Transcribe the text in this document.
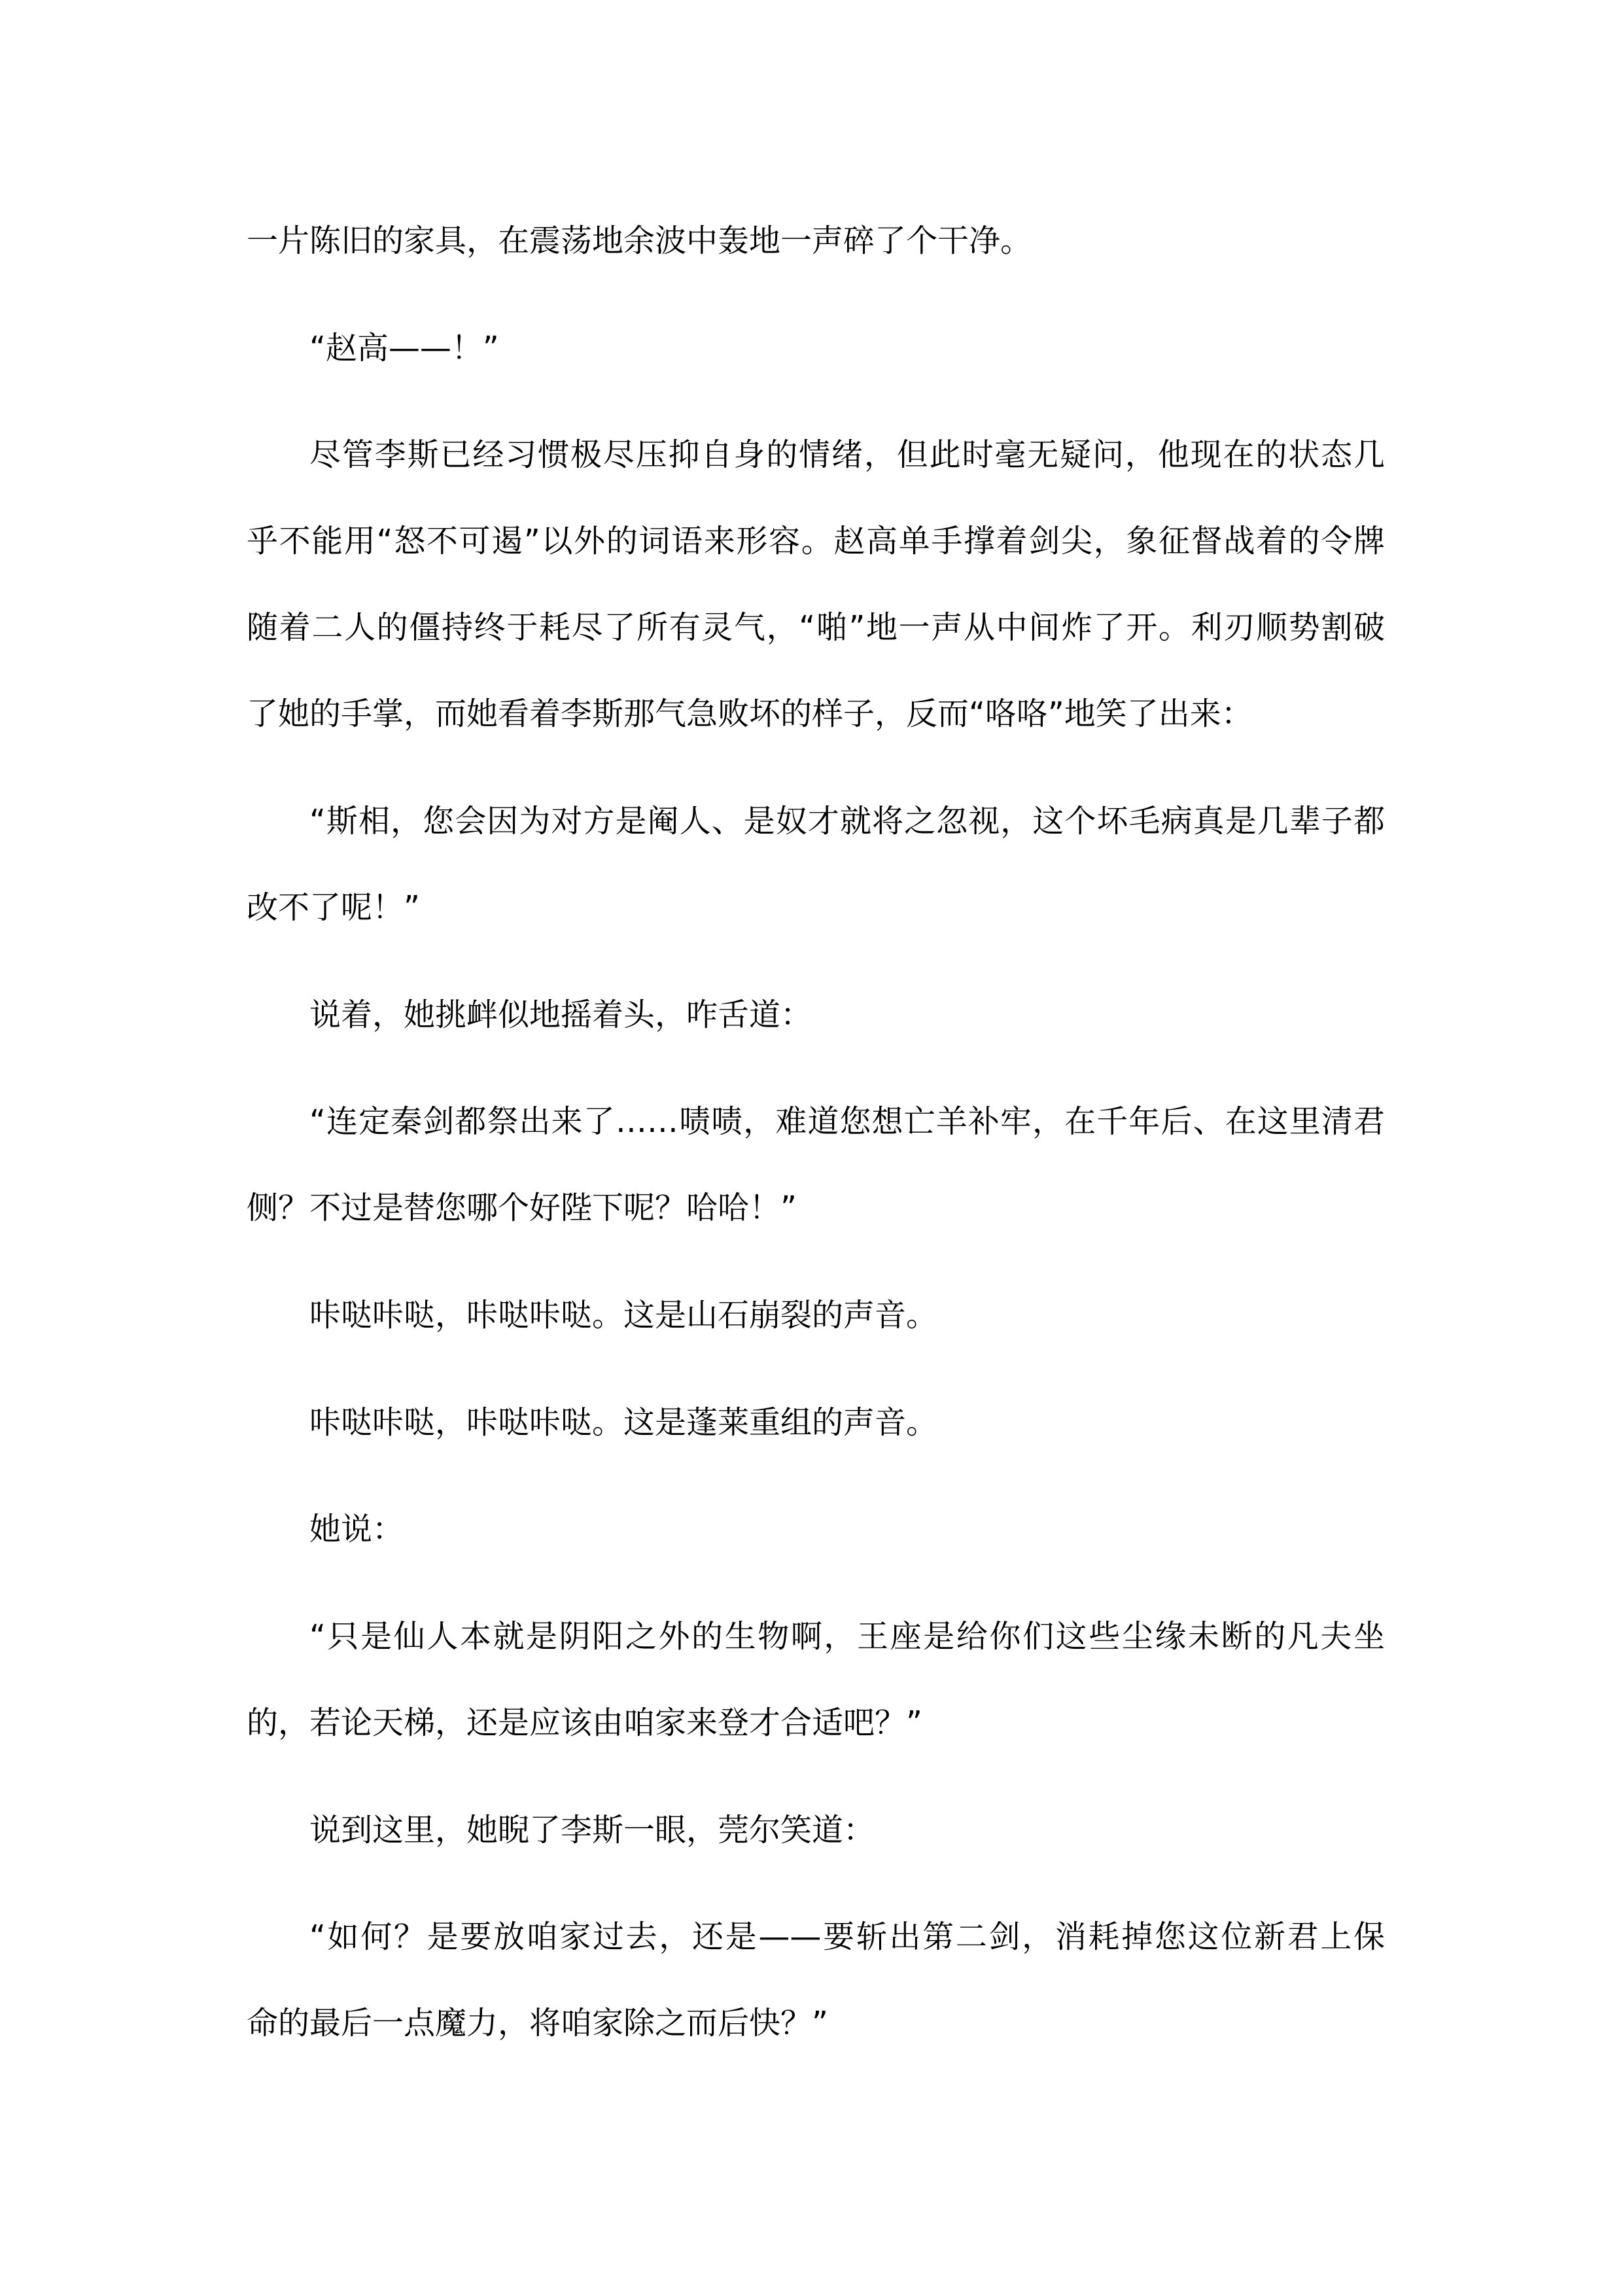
一片陈旧的家具，在震荡地余波中轰地一声碎了个干净。
“赵高——！”
尽管李斯已经习惯极尽压抑自身的情绪，但此时毫无疑问，他现在的状态几
乎不能用“怒不可遏”以外的词语来形容。赵高单手撑着剑尖，象征督战着的令牌
随着二人的僵持终于耗尽了所有灵气，“啪”地一声从中间炸了开。利刃顺势割破
了她的手掌，而她看着李斯那气急败坏的样子，反而“咯咯”地笑了出来：
“斯相，您会因为对方是阉人、是奴才就将之忽视，这个坏毛病真是几辈子都
改不了呢！”
说着，她挑衅似地摇着头，咋舌道：
“连定秦剑都祭出来了……啧啧，难道您想亡羊补牢，在千年后、在这里清君
侧？不过是替您哪个好陛下呢？哈哈！”
咔哒咔哒，咔哒咔哒。这是山石崩裂的声音。
咔哒咔哒，咔哒咔哒。这是蓬莱重组的声音。
她说：
“只是仙人本就是阴阳之外的生物啊，王座是给你们这些尘缘未断的凡夫坐
的，若论天梯，还是应该由咱家来登才合适吧？”
说到这里，她睨了李斯一眼，莞尔笑道：
“如何？是要放咱家过去，还是——要斩出第二剑，消耗掉您这位新君上保
命的最后一点魔力，将咱家除之而后快？”
